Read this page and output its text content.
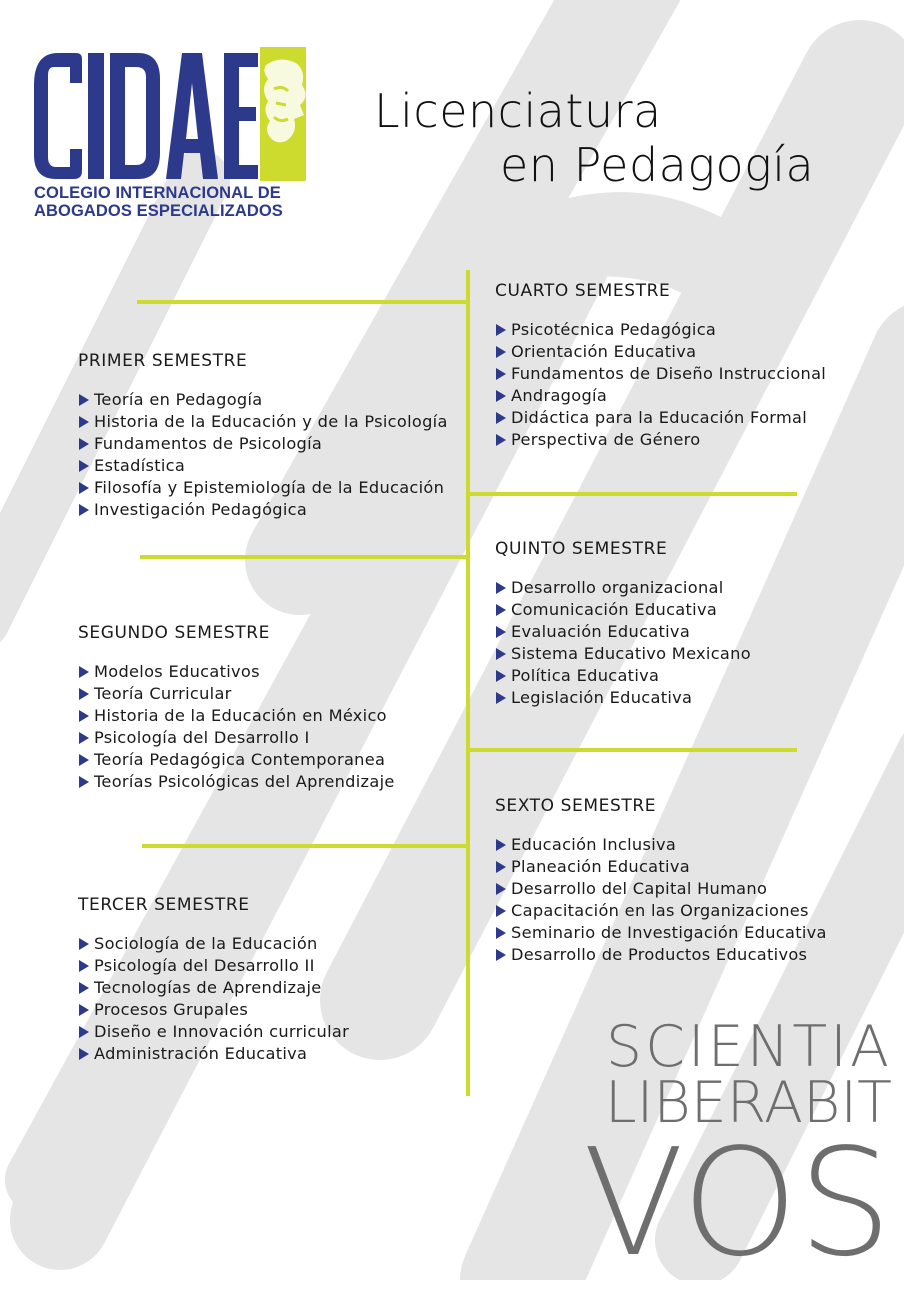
COLEGIO INTERNACIONAL DE
ABOGADOS ESPECIALIZADOS
Licenciatura
en Pedagogía
PRIMER SEMESTRE
Teoría en Pedagogía
Historia de la Educación y de la Psicología
Fundamentos de Psicología
Estadística
Filosofía y Epistemiología de la Educación
Investigación Pedagógica
SEGUNDO SEMESTRE
Modelos Educativos
Teoría Curricular
Historia de la Educación en México
Psicología del Desarrollo I
Teoría Pedagógica Contemporanea
Teorías Psicológicas del Aprendizaje
TERCER SEMESTRE
Sociología de la Educación
Psicología del Desarrollo II
Tecnologías de Aprendizaje
Procesos Grupales
Diseño e Innovación curricular
Administración Educativa
CUARTO SEMESTRE
Psicotécnica Pedagógica
Orientación Educativa
Fundamentos de Diseño Instruccional
Andragogía
Didáctica para la Educación Formal
Perspectiva de Género
QUINTO SEMESTRE
Desarrollo organizacional
Comunicación Educativa
Evaluación Educativa
Sistema Educativo Mexicano
Política Educativa
Legislación Educativa
SEXTO SEMESTRE
Educación Inclusiva
Planeación Educativa
Desarrollo del Capital Humano
Capacitación en las Organizaciones
Seminario de Investigación Educativa
Desarrollo de Productos Educativos
SCIENTIA
LIBERABIT
VOS
